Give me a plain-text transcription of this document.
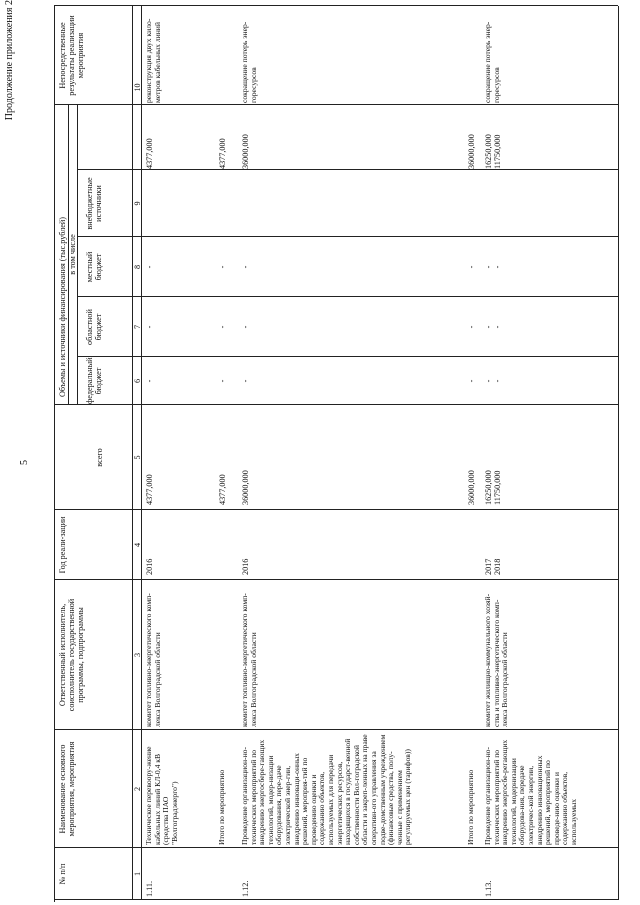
5
Продолжение приложения 2
№ п/п
Наименование основного мероприятия, мероприятия
Ответственный исполнитель, соисполнитель государственной программы, подпрограммы
Год реали-зации
Объемы и источники финансирования (тыс.рублей)
Непосредственные результаты реализации мероприятия
всего
в том числе
федеральный бюджет
областной бюджет
местный бюджет
внебюджетные источники
1
2
3
4
5
6
7
8
9
10
1.11.
Техническое перевоору-жение кабельных линий КЛ-0,4 кВ (средства ПАО "Волгоградэнерго")
комитет топливно-энергетического комп-лекса Волгоградской области
2016
4377,000
-
-
-
4377,000
реконструкция двух кило-метров кабельных линий
Итого по мероприятию
4377,000
-
-
-
4377,000
1.12.
Проведение организацион-но-технических мероприятий по внедрению энергосбере-гающих технологий, модер-низации оборудования, пере-даче электрической энер-гии, внедрению инноваци-онных решений, мероприя-тий по проведению оценки и содержанию объектов, используемых для передачи энергетических ресурсов, находящихся в государст-венной собственности Вол-гоградской области и закреп-ленных на праве оперативн-ого управления за подве-домственным учреждением (финансовые средства, полу-ченные с применением регулируемых цен (тарифов))
комитет топливно-энергетического комп-лекса Волгоградской области
2016
36000,000
-
-
-
36000,000
сокращение потерь энер-горесурсов
Итого по мероприятию
36000,000
-
-
-
36000,000
1.13.
Проведение организацион-но-технических мероприятий по внедрению энергосбе-регающих технологий, модернизации оборудова-ния, передаче электричес-кой энергии, внедрению инновационных решений, мероприятий по проведе-нию оценки и содержанию объектов, используемых
комитет жилищно-коммунального хозяй-ства и топливно-энергетического комп-лекса Волгоградской области
2017
2018
16250,000
11750,000
-
-
-
-
-
-
16250,000
11750,000
сокращение потерь энер-горесурсов
